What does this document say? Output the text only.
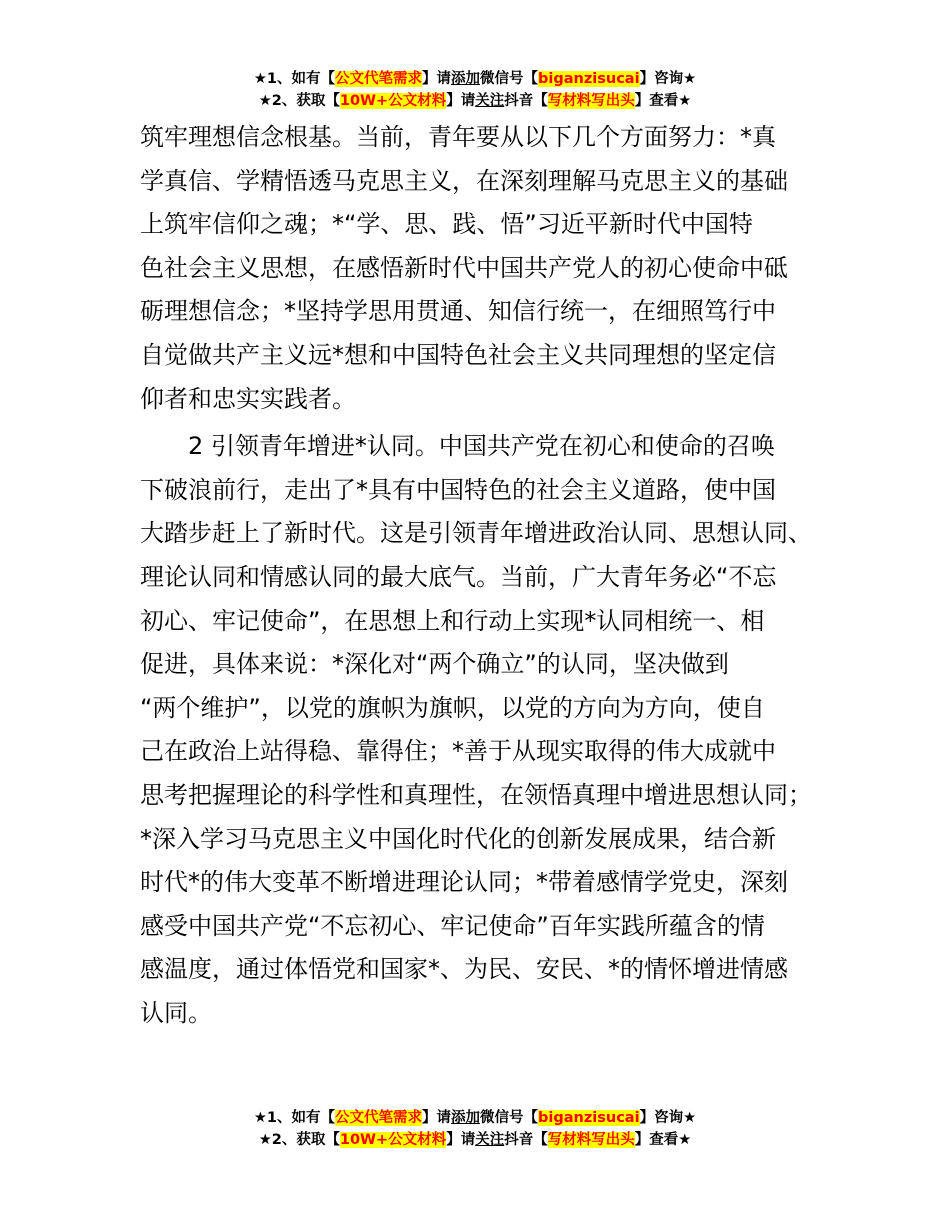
★1、如有【公文代笔需求】请添加微信号【biganzisucai】咨询★
★2、获取【10W+公文材料】请关注抖音【写材料写出头】查看★
筑牢理想信念根基。当前，青年要从以下几个方面努力：*真
学真信、学精悟透马克思主义，在深刻理解马克思主义的基础
上筑牢信仰之魂；*“学、思、践、悟”习近平新时代中国特
色社会主义思想，在感悟新时代中国共产党人的初心使命中砥
砺理想信念；*坚持学思用贯通、知信行统一，在细照笃行中
自觉做共产主义远*想和中国特色社会主义共同理想的坚定信
仰者和忠实实践者。
2 引领青年增进*认同。中国共产党在初心和使命的召唤
下破浪前行，走出了*具有中国特色的社会主义道路，使中国
大踏步赶上了新时代。这是引领青年增进政治认同、思想认同、
理论认同和情感认同的最大底气。当前，广大青年务必“不忘
初心、牢记使命”，在思想上和行动上实现*认同相统一、相
促进，具体来说：*深化对“两个确立”的认同，坚决做到
“两个维护”，以党的旗帜为旗帜，以党的方向为方向，使自
己在政治上站得稳、靠得住；*善于从现实取得的伟大成就中
思考把握理论的科学性和真理性，在领悟真理中增进思想认同；
*深入学习马克思主义中国化时代化的创新发展成果，结合新
时代*的伟大变革不断增进理论认同；*带着感情学党史，深刻
感受中国共产党“不忘初心、牢记使命”百年实践所蕴含的情
感温度，通过体悟党和国家*、为民、安民、*的情怀增进情感
认同。
★1、如有【公文代笔需求】请添加微信号【biganzisucai】咨询★
★2、获取【10W+公文材料】请关注抖音【写材料写出头】查看★
